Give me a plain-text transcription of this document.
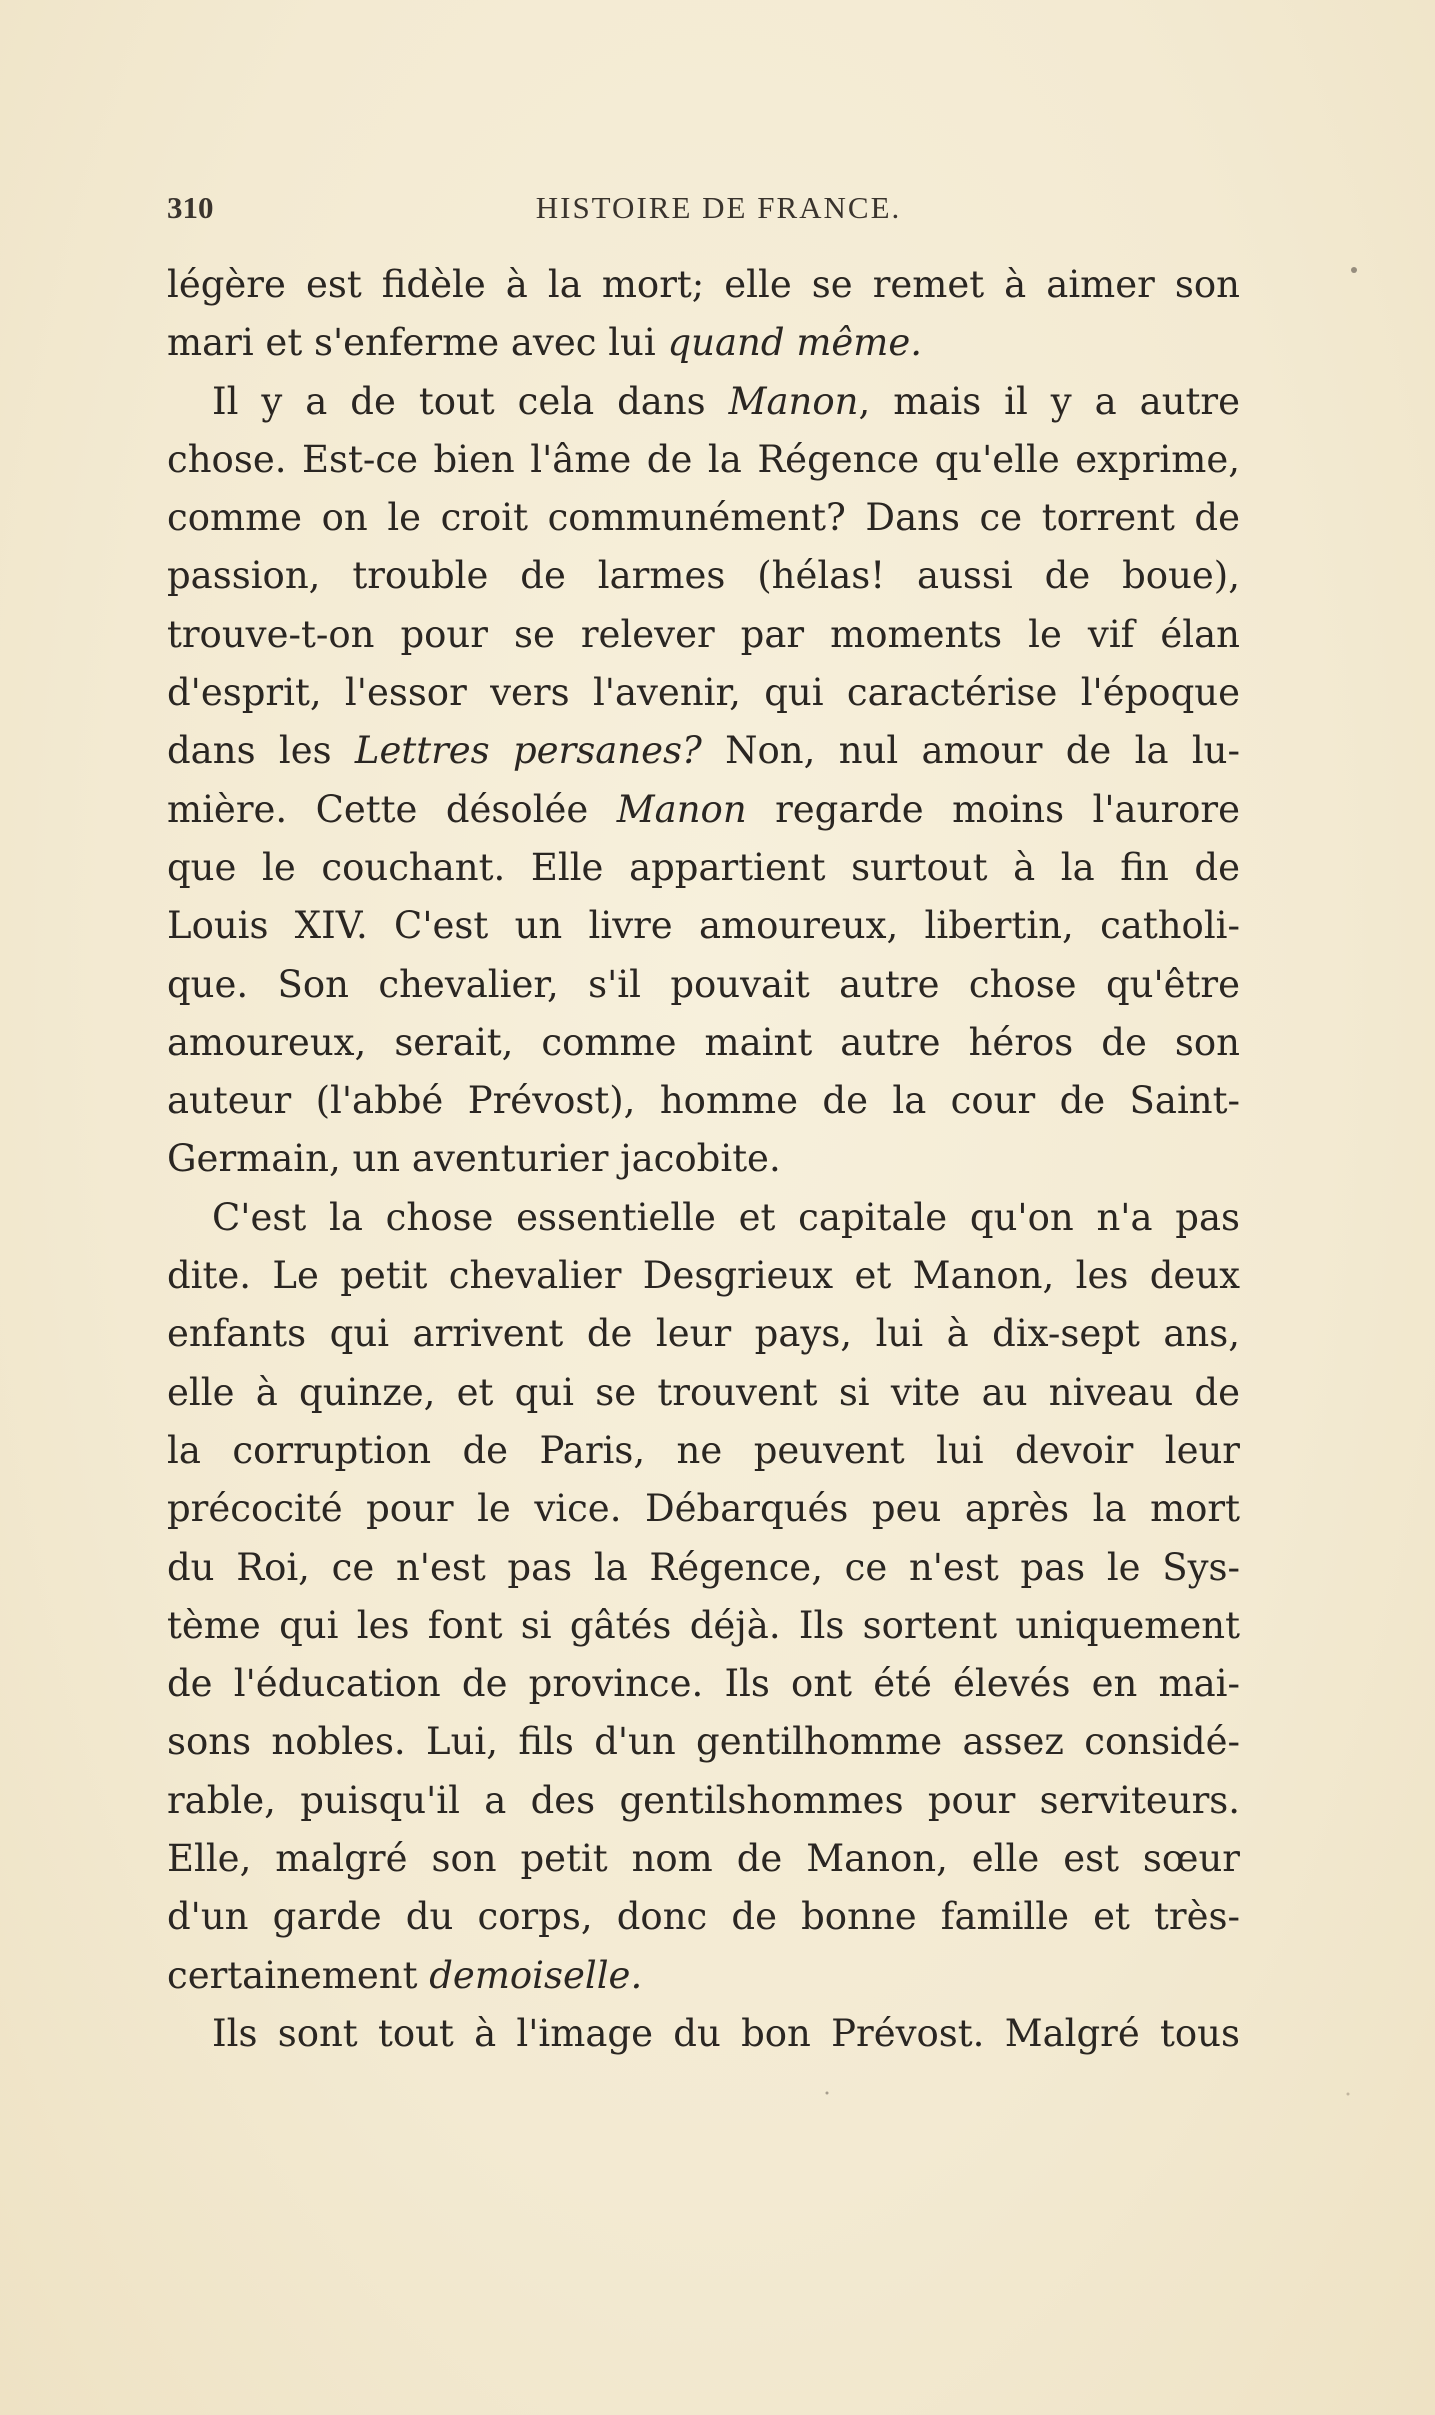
310	HISTOIRE DE FRANCE.
légère est fidèle à la mort; elle se remet à aimer son
mari et s'enferme avec lui quand même.
Il y a de tout cela dans Manon, mais il y a autre
chose. Est-ce bien l'âme de la Régence qu'elle exprime,
comme on le croit communément? Dans ce torrent de
passion, trouble de larmes (hélas! aussi de boue),
trouve-t-on pour se relever par moments le vif élan
d'esprit, l'essor vers l'avenir, qui caractérise l'époque
dans les Lettres persanes? Non, nul amour de la lu-
mière. Cette désolée Manon regarde moins l'aurore
que le couchant. Elle appartient surtout à la fin de
Louis XIV. C'est un livre amoureux, libertin, catholi-
que. Son chevalier, s'il pouvait autre chose qu'être
amoureux, serait, comme maint autre héros de son
auteur (l'abbé Prévost), homme de la cour de Saint-
Germain, un aventurier jacobite.
C'est la chose essentielle et capitale qu'on n'a pas
dite. Le petit chevalier Desgrieux et Manon, les deux
enfants qui arrivent de leur pays, lui à dix-sept ans,
elle à quinze, et qui se trouvent si vite au niveau de
la corruption de Paris, ne peuvent lui devoir leur
précocité pour le vice. Débarqués peu après la mort
du Roi, ce n'est pas la Régence, ce n'est pas le Sys-
tème qui les font si gâtés déjà. Ils sortent uniquement
de l'éducation de province. Ils ont été élevés en mai-
sons nobles. Lui, fils d'un gentilhomme assez considé-
rable, puisqu'il a des gentilshommes pour serviteurs.
Elle, malgré son petit nom de Manon, elle est sœur
d'un garde du corps, donc de bonne famille et très-
certainement demoiselle.
Ils sont tout à l'image du bon Prévost. Malgré tous
